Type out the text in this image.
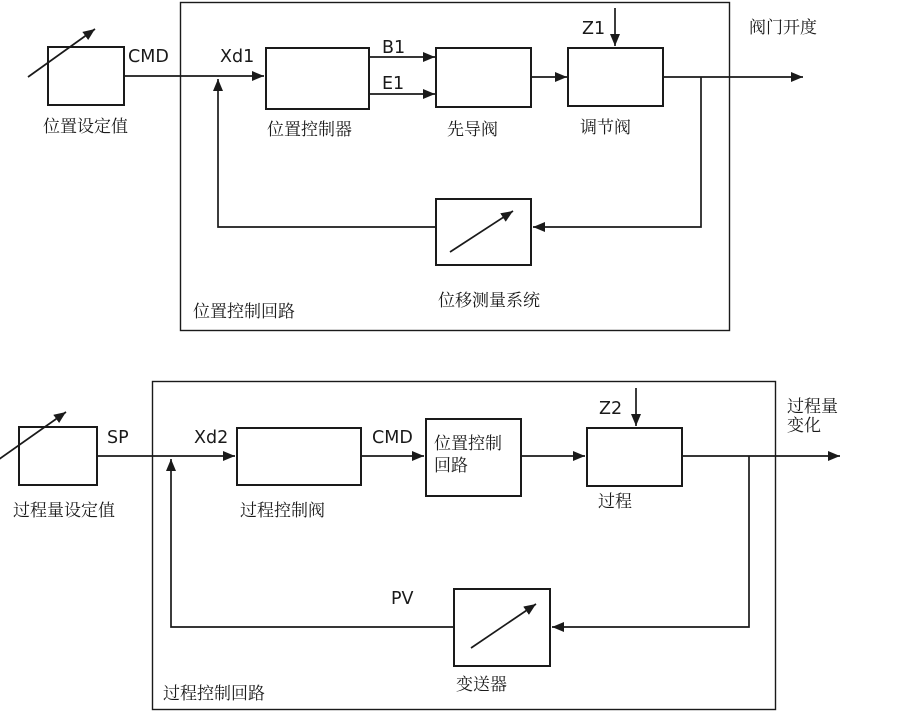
CMD	Xd1	B1
E1
Z1	阀门开度
位置设定值	位置控制器	先导阀	调节阀
位移测量系统
位置控制回路
SP	Xd2	CMD 位置控制
回路
Z2	过程量
变化
过程量设定值	过程控制阀	过程
PV
变送器
过程控制回路
